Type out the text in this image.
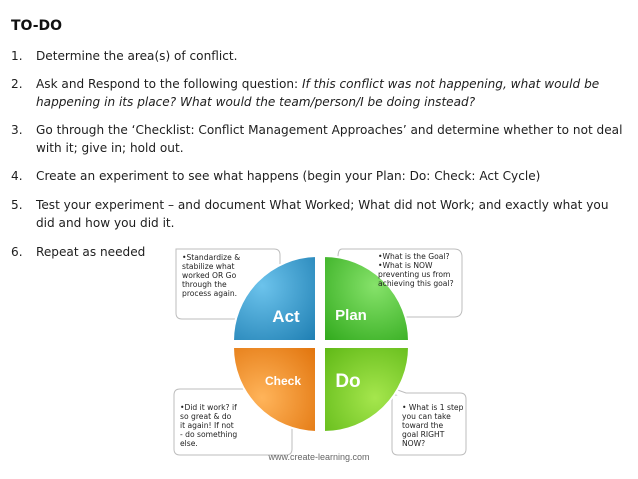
TO-DO
1. Determine the area(s) of conflict.
2. Ask and Respond to the following question: If this conflict was not happening, what would be happening in its place? What would the team/person/I be doing instead?
3. Go through the ‘Checklist: Conflict Management Approaches’ and determine whether to not deal with it; give in; hold out.
4. Create an experiment to see what happens (begin your Plan: Do: Check: Act Cycle)
5. Test your experiment – and document What Worked; What did not Work; and exactly what you did and how you did it.
6. Repeat as needed	•Standardize &
stabilize what
worked OR Go
through the
process again.
•What is the Goal?
•What is NOW
preventing us from
achieving this goal?
•Did it work? if
so great & do
it again! If not
- do something
else.
• What is 1 step
you can take
toward the
goal RIGHT
NOW?
Act	Plan
Check Do
www.create-learning.com
